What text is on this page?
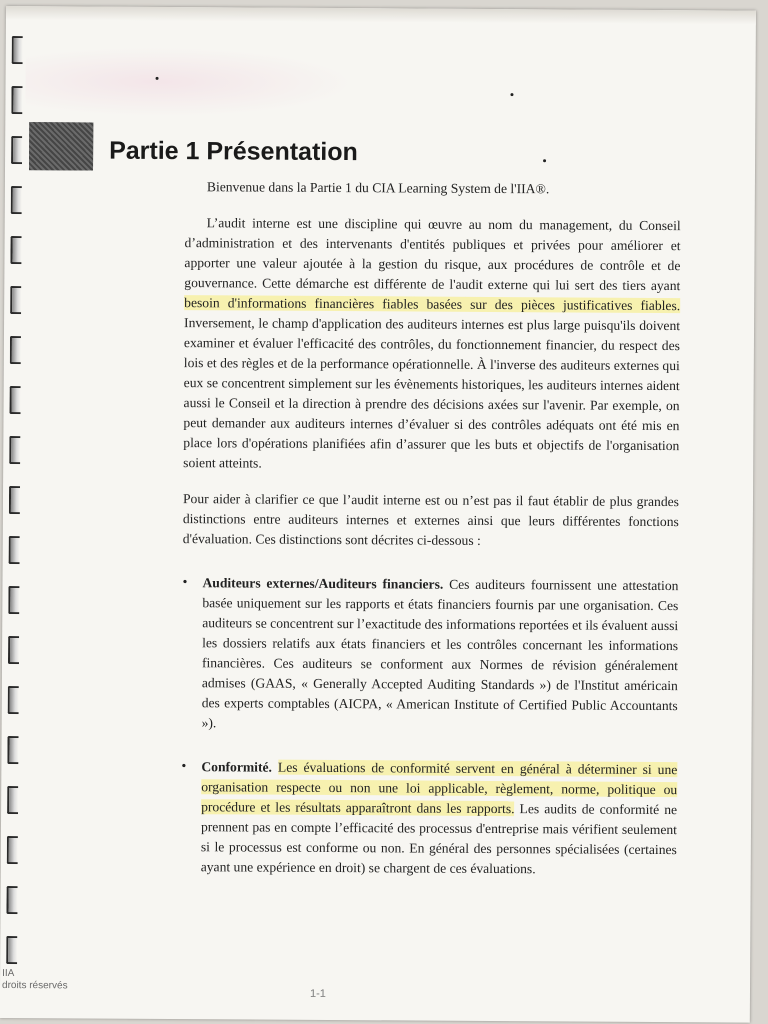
Partie 1 Présentation

Bienvenue dans la Partie 1 du CIA Learning System de l'IIA®.

L’audit interne est une discipline qui œuvre au nom du management, du Conseil d’administration et des intervenants d'entités publiques et privées pour améliorer et apporter une valeur ajoutée à la gestion du risque, aux procédures de contrôle et de gouvernance. Cette démarche est différente de l'audit externe qui lui sert des tiers ayant besoin d'informations financières fiables basées sur des pièces justificatives fiables. Inversement, le champ d'application des auditeurs internes est plus large puisqu'ils doivent examiner et évaluer l'efficacité des contrôles, du fonctionnement financier, du respect des lois et des règles et de la performance opérationnelle. À l'inverse des auditeurs externes qui eux se concentrent simplement sur les évènements historiques, les auditeurs internes aident aussi le Conseil et la direction à prendre des décisions axées sur l'avenir. Par exemple, on peut demander aux auditeurs internes d’évaluer si des contrôles adéquats ont été mis en place lors d'opérations planifiées afin d’assurer que les buts et objectifs de l'organisation soient atteints.

Pour aider à clarifier ce que l’audit interne est ou n’est pas il faut établir de plus grandes distinctions entre auditeurs internes et externes ainsi que leurs différentes fonctions d'évaluation. Ces distinctions sont décrites ci-dessous :

• Auditeurs externes/Auditeurs financiers. Ces auditeurs fournissent une attestation basée uniquement sur les rapports et états financiers fournis par une organisation. Ces auditeurs se concentrent sur l’exactitude des informations reportées et ils évaluent aussi les dossiers relatifs aux états financiers et les contrôles concernant les informations financières. Ces auditeurs se conforment aux Normes de révision généralement admises (GAAS, « Generally Accepted Auditing Standards ») de l'Institut américain des experts comptables (AICPA, « American Institute of Certified Public Accountants »).
• Conformité. Les évaluations de conformité servent en général à déterminer si une organisation respecte ou non une loi applicable, règlement, norme, politique ou procédure et les résultats apparaîtront dans les rapports. Les audits de conformité ne prennent pas en compte l’efficacité des processus d'entreprise mais vérifient seulement si le processus est conforme ou non. En général des personnes spécialisées (certaines ayant une expérience en droit) se chargent de ces évaluations.
IIA
droits réservés
1-1
